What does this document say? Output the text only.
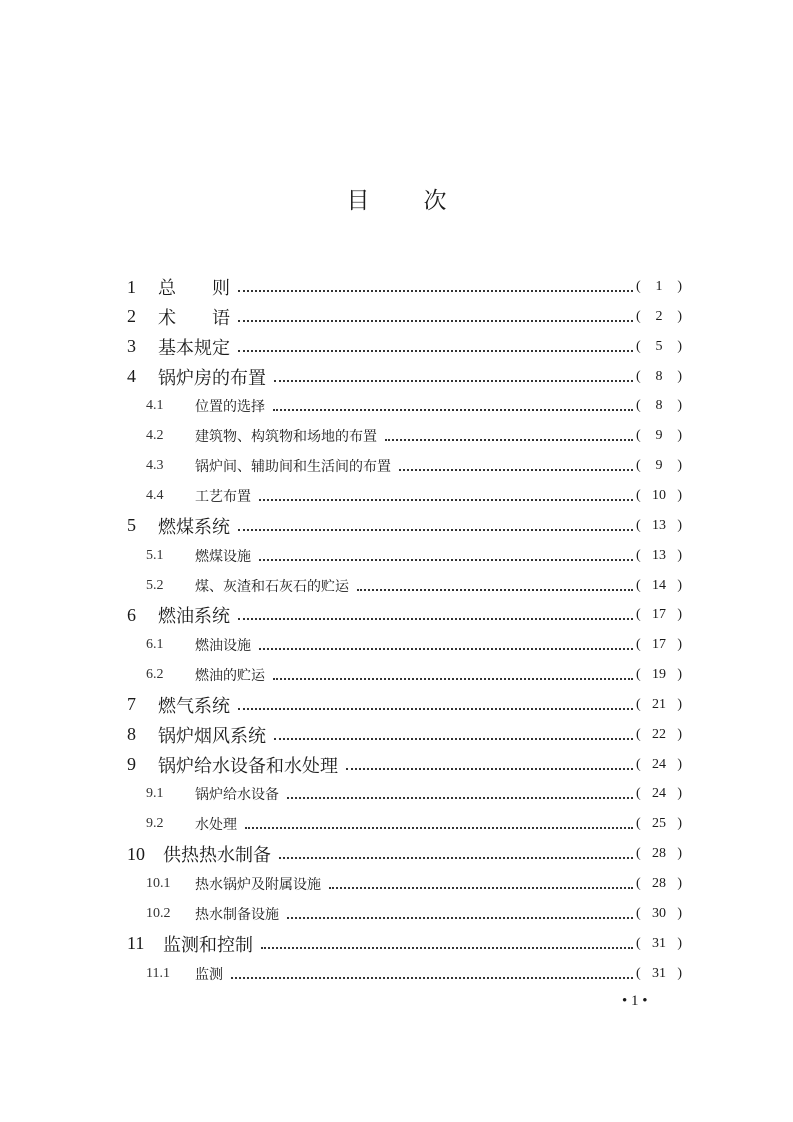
目 次
1 总　　则	( 1 )
2 术　　语	( 2 )
3 基本规定	( 5 )
4 锅炉房的布置	( 8 )
4.1 位置的选择	( 8 )
4.2 建筑物、构筑物和场地的布置	( 9 )
4.3 锅炉间、辅助间和生活间的布置	( 9 )
4.4 工艺布置	( 10 )
5 燃煤系统	( 13 )
5.1 燃煤设施	( 13 )
5.2 煤、灰渣和石灰石的贮运	( 14 )
6 燃油系统	( 17 )
6.1 燃油设施	( 17 )
6.2 燃油的贮运	( 19 )
7 燃气系统	( 21 )
8 锅炉烟风系统	( 22 )
9 锅炉给水设备和水处理	( 24 )
9.1 锅炉给水设备	( 24 )
9.2 水处理	( 25 )
10 供热热水制备	( 28 )
10.1 热水锅炉及附属设施	( 28 )
10.2 热水制备设施	( 30 )
11 监测和控制	( 31 )
11.1 监测	( 31 )
• 1 •
